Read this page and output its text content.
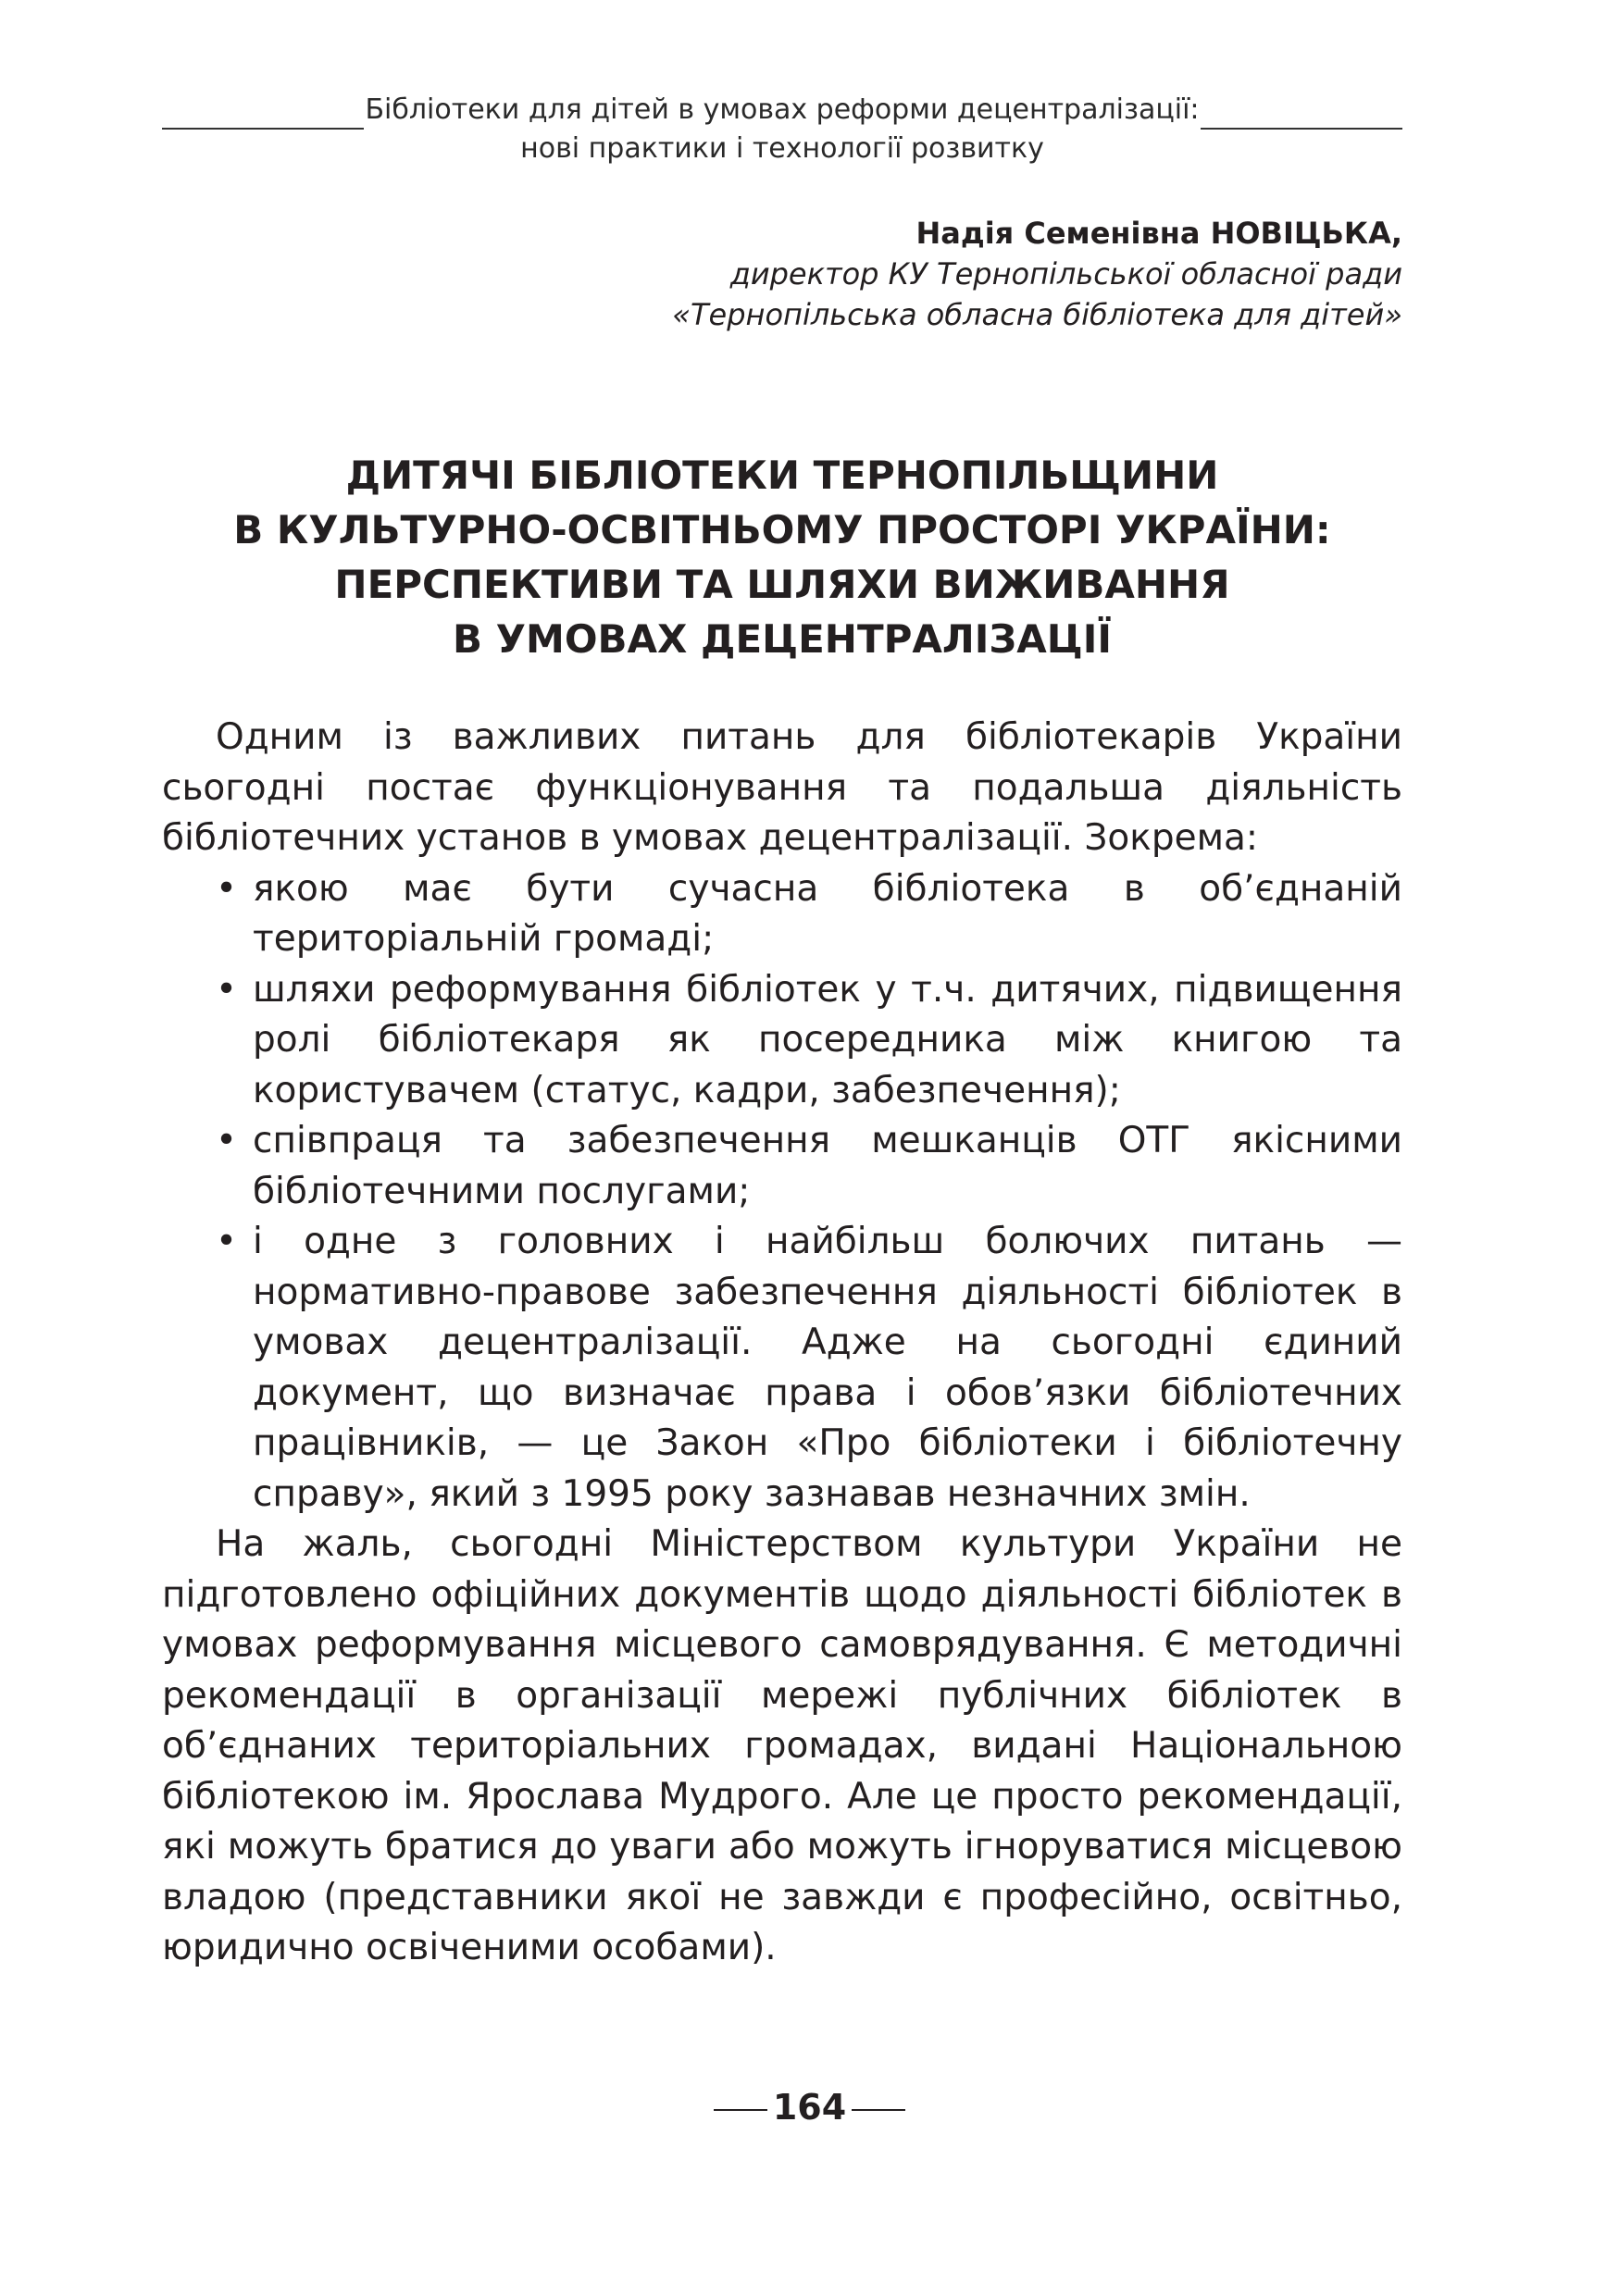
Бібліотеки для дітей в умовах реформи децентралізації:
нові практики і технології розвитку
Надія Семенівна НОВІЦЬКА,
директор КУ Тернопільської обласної ради
«Тернопільська обласна бібліотека для дітей»
ДИТЯЧІ БІБЛІОТЕКИ ТЕРНОПІЛЬЩИНИ
В КУЛЬТУРНО-ОСВІТНЬОМУ ПРОСТОРІ УКРАЇНИ:
ПЕРСПЕКТИВИ ТА ШЛЯХИ ВИЖИВАННЯ
В УМОВАХ ДЕЦЕНТРАЛІЗАЦІЇ

Одним із важливих питань для бібліотекарів України сьогодні постає функціонування та подальша діяльність бібліотечних установ в умовах децентралізації. Зокрема:

• якою має бути сучасна бібліотека в об’єднаній територіальній громаді;
• шляхи реформування бібліотек у т.ч. дитячих, підвищення ролі бібліотекаря як посередника між книгою та користувачем (статус, кадри, забезпечення);
• співпраця та забезпечення мешканців ОТГ якісними бібліотечними послугами;
• і одне з головних і найбільш болючих питань — нормативно-правове забезпечення діяльності бібліотек в умовах децентралізації. Адже на сьогодні єдиний документ, що визначає права і обов’язки бібліотечних працівників, — це Закон «Про бібліотеки і бібліотечну справу», який з 1995 року зазнавав незначних змін.

На жаль, сьогодні Міністерством культури України не підготовлено офіційних документів щодо діяльності бібліотек в умовах реформування місцевого самоврядування. Є методичні рекомендації в організації мережі публічних бібліотек в об’єднаних територіальних громадах, видані Національною бібліотекою ім. Ярослава Мудрого. Але це просто рекомендації, які можуть братися до уваги або можуть ігноруватися місцевою владою (представники якої не завжди є професійно, освітньо, юридично освіченими особами).

164
